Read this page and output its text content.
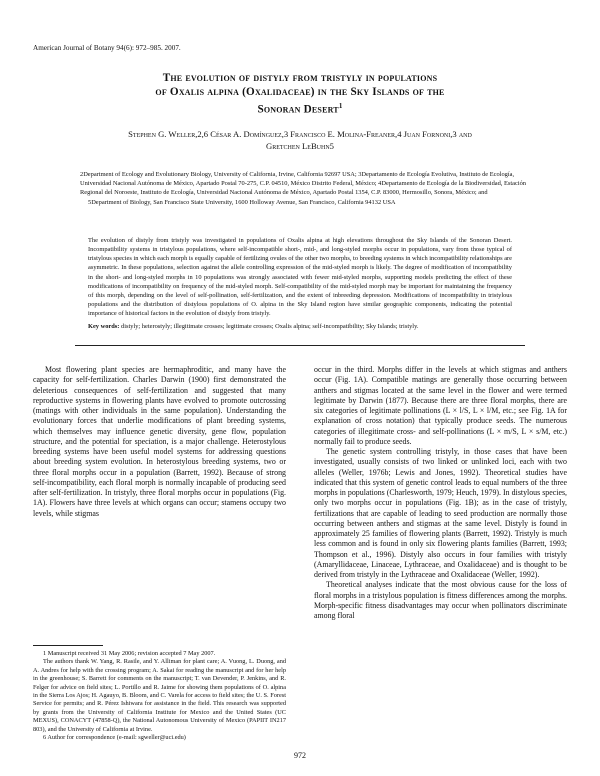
American Journal of Botany 94(6): 972–985. 2007.
The evolution of distyly from tristyly in populations
of Oxalis alpina (Oxalidaceae) in the Sky Islands of the
Sonoran Desert$^1$
Stephen G. Weller,2,6 César A. Domínguez,3 Francisco E. Molina-Freaner,4 Juan Fornoni,3 and
Gretchen LeBuhn5

2Department of Ecology and Evolutionary Biology, University of California, Irvine, California 92697 USA; 3Departamento de Ecología Evolutiva, Instituto de Ecología, Universidad Nacional Autónoma de México, Apartado Postal 70-275, C.P. 04510, México Distrito Federal, México; 4Departamento de Ecología de la Biodiversidad, Estación Regional del Noroeste, Instituto de Ecología, Universidad Nacional Autónoma de México, Apartado Postal 1354, C.P. 83000, Hermosillo, Sonora, México; and

5Department of Biology, San Francisco State University, 1600 Holloway Avenue, San Francisco, California 94132 USA

The evolution of distyly from tristyly was investigated in populations of Oxalis alpina at high elevations throughout the Sky Islands of the Sonoran Desert. Incompatibility systems in tristylous populations, where self-incompatible short-, mid-, and long-styled morphs occur in populations, vary from those typical of tristylous species in which each morph is equally capable of fertilizing ovules of the other two morphs, to breeding systems in which incompatibility relationships are asymmetric. In these populations, selection against the allele controlling expression of the mid-styled morph is likely. The degree of modification of incompatibility in the short- and long-styled morphs in 10 populations was strongly associated with fewer mid-styled morphs, supporting models predicting the effect of these modifications of incompatibility on frequency of the mid-styled morph. Self-compatibility of the mid-styled morph may be important for maintaining the frequency of this morph, depending on the level of self-pollination, self-fertilization, and the extent of inbreeding depression. Modifications of incompatibility in tristylous populations and the distribution of distylous populations of O. alpina in the Sky Island region have similar geographic components, indicating the potential importance of historical factors in the evolution of distyly from tristyly.
Key words: distyly; heterostyly; illegitimate crosses; legitimate crosses; Oxalis alpina; self-incompatibility; Sky Islands; tristyly.

Most flowering plant species are hermaphroditic, and many have the capacity for self-fertilization. Charles Darwin (1900) first demonstrated the deleterious consequences of self-fertilization and suggested that many reproductive systems in flowering plants have evolved to promote outcrossing (matings with other individuals in the same population). Understanding the evolutionary forces that underlie modifications of plant breeding systems, which themselves may influence genetic diversity, gene flow, population structure, and the potential for speciation, is a major challenge. Heterostylous breeding systems have been useful model systems for addressing questions about breeding system evolution. In heterostylous breeding systems, two or three floral morphs occur in a population (Barrett, 1992). Because of strong self-incompatibility, each floral morph is normally incapable of producing seed after self-fertilization. In tristyly, three floral morphs occur in populations (Fig. 1A). Flowers have three levels at which organs can occur; stamens occupy two levels, while stigmas

1 Manuscript received 31 May 2006; revision accepted 7 May 2007.

The authors thank W. Yang, R. Rasile, and Y. Alliman for plant care; A. Vuong, L. Duong, and A. Andres for help with the crossing program; A. Sakai for reading the manuscript and for her help in the greenhouse; S. Barrett for comments on the manuscript; T. van Devender, P. Jenkins, and R. Felger for advice on field sites; L. Portillo and R. Jaime for showing them populations of O. alpina in the Sierra Los Ajos; H. Agauyo, B. Bloom, and C. Varela for access to field sites; the U. S. Forest Service for permits; and R. Pérez Ishiwara for assistance in the field. This research was supported by grants from the University of California Institute for Mexico and the United States (UC MEXUS), CONACYT (47858-Q), the National Autonomous University of Mexico (PAPIIT IN217 803), and the University of California at Irvine.

6 Author for correspondence (e-mail: sgweller@uci.edu)

occur in the third. Morphs differ in the levels at which stigmas and anthers occur (Fig. 1A). Compatible matings are generally those occurring between anthers and stigmas located at the same level in the flower and were termed legitimate by Darwin (1877). Because there are three floral morphs, there are six categories of legitimate pollinations (L × l/S, L × l/M, etc.; see Fig. 1A for explanation of cross notation) that typically produce seeds. The numerous categories of illegitimate cross- and self-pollinations (L × m/S, L × s/M, etc.) normally fail to produce seeds.

The genetic system controlling tristyly, in those cases that have been investigated, usually consists of two linked or unlinked loci, each with two alleles (Weller, 1976b; Lewis and Jones, 1992). Theoretical studies have indicated that this system of genetic control leads to equal numbers of the three morphs in populations (Charlesworth, 1979; Heuch, 1979). In distylous species, only two morphs occur in populations (Fig. 1B); as in the case of tristyly, fertilizations that are capable of leading to seed production are normally those occurring between anthers and stigmas at the same level. Distyly is found in approximately 25 families of flowering plants (Barrett, 1992). Tristyly is much less common and is found in only six flowering plants families (Barrett, 1993; Thompson et al., 1996). Distyly also occurs in four families with tristyly (Amaryllidaceae, Linaceae, Lythraceae, and Oxalidaceae) and is thought to be derived from tristyly in the Lythraceae and Oxalidaceae (Weller, 1992).

Theoretical analyses indicate that the most obvious cause for the loss of floral morphs in a tristylous population is fitness differences among the morphs. Morph-specific fitness disadvantages may occur when pollinators discriminate among floral

972
